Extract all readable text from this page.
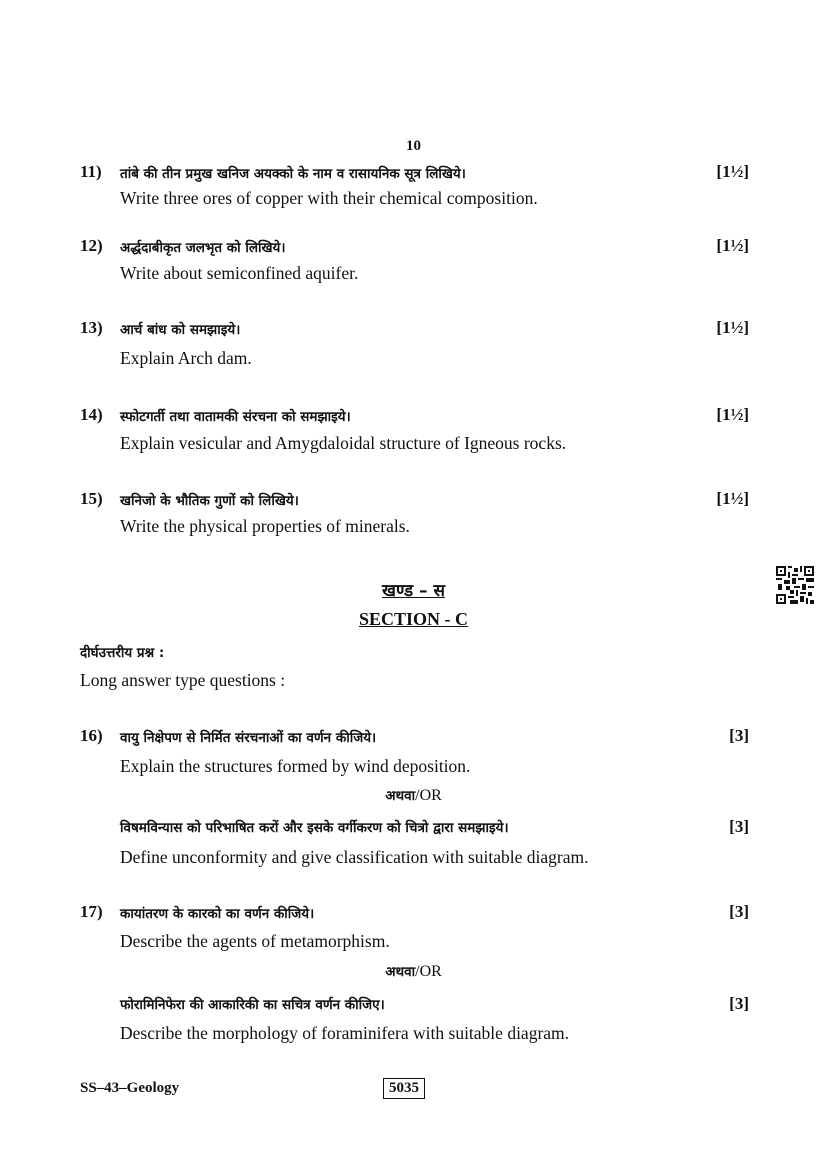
10
11) तांबे की तीन प्रमुख खनिज अयक्को के नाम व रासायनिक सूत्र लिखिये।	[1½]
Write three ores of copper with their chemical composition.
12) अर्द्धदाबीकृत जलभृत को लिखिये।	[1½]
Write about semiconfined aquifer.
13) आर्च बांध को समझाइये।	[1½]
Explain Arch dam.
14) स्फोटगर्ती तथा वातामकी संरचना को समझाइये।	[1½]
Explain vesicular and Amygdaloidal structure of Igneous rocks.
15) खनिजो के भौतिक गुणों को लिखिये।	[1½]
Write the physical properties of minerals.
खण्ड – स
SECTION - C
दीर्घउत्तरीय प्रश्न :
Long answer type questions :
16) वायु निक्षेपण से निर्मित संरचनाओं का वर्णन कीजिये।	[3]
Explain the structures formed by wind deposition.
अथवा/OR
विषमविन्यास को परिभाषित करों और इसके वर्गीकरण को चित्रो द्वारा समझाइये।	[3]
Define unconformity and give classification with suitable diagram.
17) कायांतरण के कारको का वर्णन कीजिये।	[3]
Describe the agents of metamorphism.
अथवा/OR
फोरामिनिफेरा की आकारिकी का सचित्र वर्णन कीजिए।	[3]
Describe the morphology of foraminifera with suitable diagram.
SS–43–Geology	5035
